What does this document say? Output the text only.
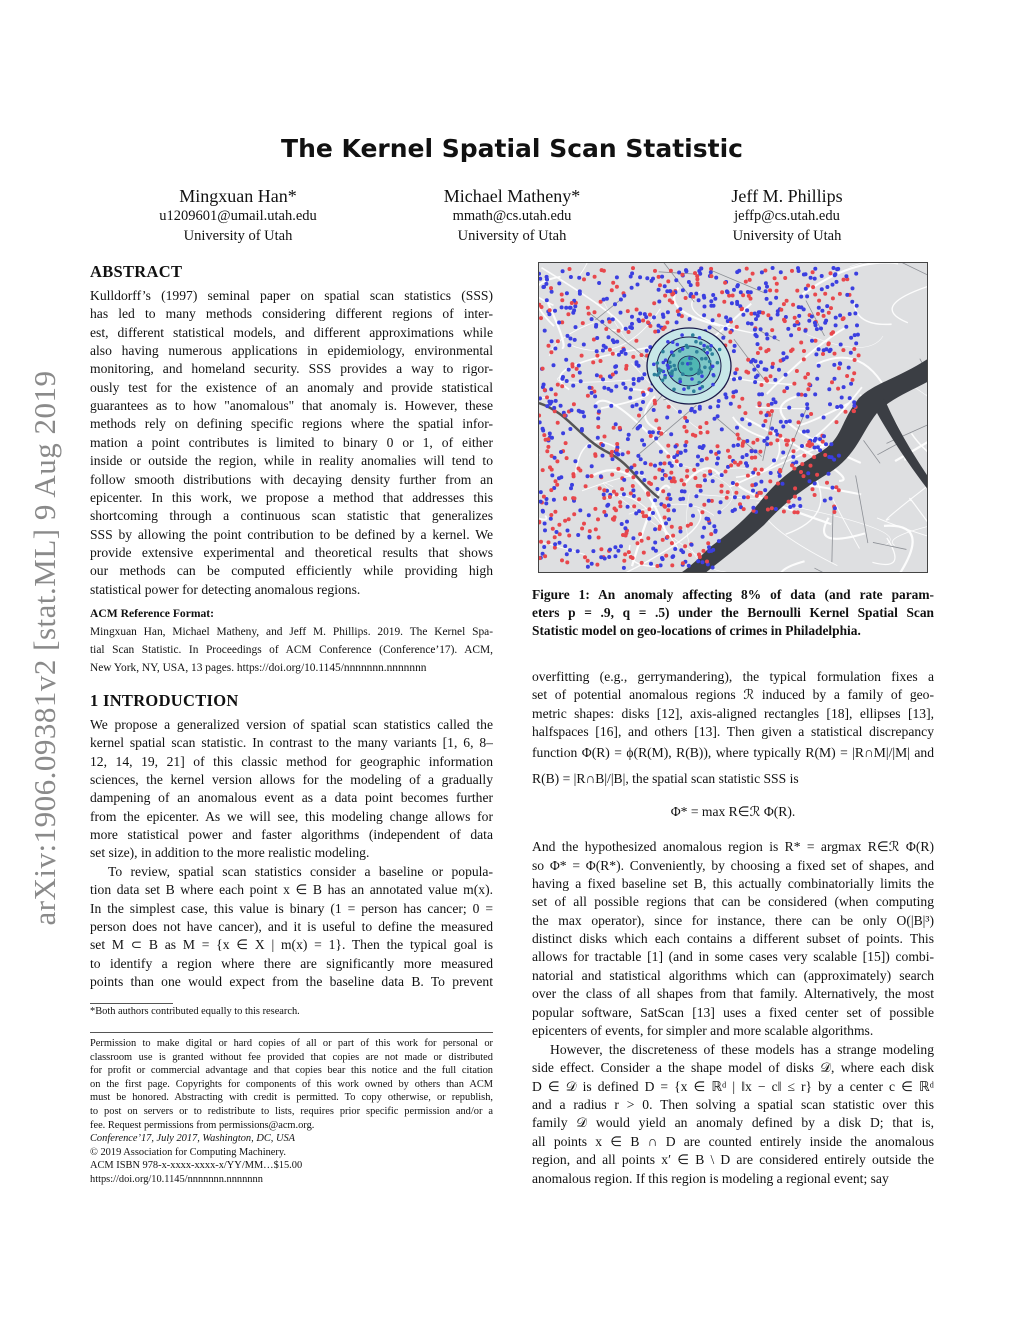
arXiv:1906.09381v2 [stat.ML] 9 Aug 2019
The Kernel Spatial Scan Statistic
Mingxuan Han*
u1209601@umail.utah.edu
University of Utah
Michael Matheny*
mmath@cs.utah.edu
University of Utah
Jeff M. Phillips
jeffp@cs.utah.edu
University of Utah
ABSTRACT
Kulldorff’s (1997) seminal paper on spatial scan statistics (SSS)
has led to many methods considering different regions of inter-
est, different statistical models, and different approximations while
also having numerous applications in epidemiology, environmental
monitoring, and homeland security. SSS provides a way to rigor-
ously test for the existence of an anomaly and provide statistical
guarantees as to how "anomalous" that anomaly is. However, these
methods rely on defining specific regions where the spatial infor-
mation a point contributes is limited to binary 0 or 1, of either
inside or outside the region, while in reality anomalies will tend to
follow smooth distributions with decaying density further from an
epicenter. In this work, we propose a method that addresses this
shortcoming through a continuous scan statistic that generalizes
SSS by allowing the point contribution to be defined by a kernel. We
provide extensive experimental and theoretical results that shows
our methods can be computed efficiently while providing high
statistical power for detecting anomalous regions.
ACM Reference Format:
Mingxuan Han, Michael Matheny, and Jeff M. Phillips. 2019. The Kernel Spa-
tial Scan Statistic. In Proceedings of ACM Conference (Conference’17). ACM,
New York, NY, USA, 13 pages. https://doi.org/10.1145/nnnnnnn.nnnnnnn
1 INTRODUCTION
We propose a generalized version of spatial scan statistics called the
kernel spatial scan statistic. In contrast to the many variants [1, 6, 8–
12, 14, 19, 21] of this classic method for geographic information
sciences, the kernel version allows for the modeling of a gradually
dampening of an anomalous event as a data point becomes further
from the epicenter. As we will see, this modeling change allows for
more statistical power and faster algorithms (independent of data
set size), in addition to the more realistic modeling.
To review, spatial scan statistics consider a baseline or popula-
tion data set B where each point x ∈ B has an annotated value m(x).
In the simplest case, this value is binary (1 = person has cancer; 0 =
person does not have cancer), and it is useful to define the measured
set M ⊂ B as M = {x ∈ X | m(x) = 1}. Then the typical goal is
to identify a region where there are significantly more measured
points than one would expect from the baseline data B. To prevent
*Both authors contributed equally to this research.
Permission to make digital or hard copies of all or part of this work for personal or
classroom use is granted without fee provided that copies are not made or distributed
for profit or commercial advantage and that copies bear this notice and the full citation
on the first page. Copyrights for components of this work owned by others than ACM
must be honored. Abstracting with credit is permitted. To copy otherwise, or republish,
to post on servers or to redistribute to lists, requires prior specific permission and/or a
fee. Request permissions from permissions@acm.org.
Conference’17, July 2017, Washington, DC, USA
© 2019 Association for Computing Machinery.
ACM ISBN 978-x-xxxx-xxxx-x/YY/MM…$15.00
https://doi.org/10.1145/nnnnnnn.nnnnnnn
Figure 1: An anomaly affecting 8% of data (and rate param-
eters p = .9, q = .5) under the Bernoulli Kernel Spatial Scan
Statistic model on geo-locations of crimes in Philadelphia.
overfitting (e.g., gerrymandering), the typical formulation fixes a
set of potential anomalous regions ℛ induced by a family of geo-
metric shapes: disks [12], axis-aligned rectangles [18], ellipses [13],
halfspaces [16], and others [13]. Then given a statistical discrepancy
function Φ(R) = ϕ(R(M), R(B)), where typically R(M) = |R∩M|/|M| and
R(B) = |R∩B|/|B|, the spatial scan statistic SSS is
Φ* = max R∈ℛ Φ(R).
And the hypothesized anomalous region is R* = argmax R∈ℛ Φ(R)
so Φ* = Φ(R*). Conveniently, by choosing a fixed set of shapes, and
having a fixed baseline set B, this actually combinatorially limits the
set of all possible regions that can be considered (when computing
the max operator), since for instance, there can be only O(|B|³)
distinct disks which each contains a different subset of points. This
allows for tractable [1] (and in some cases very scalable [15]) combi-
natorial and statistical algorithms which can (approximately) search
over the class of all shapes from that family. Alternatively, the most
popular software, SatScan [13] uses a fixed center set of possible
epicenters of events, for simpler and more scalable algorithms.
However, the discreteness of these models has a strange modeling
side effect. Consider a the shape model of disks 𝒟, where each disk
D ∈ 𝒟 is defined D = {x ∈ ℝᵈ | ‖x − c‖ ≤ r} by a center c ∈ ℝᵈ
and a radius r > 0. Then solving a spatial scan statistic over this
family 𝒟 would yield an anomaly defined by a disk D; that is,
all points x ∈ B ∩ D are counted entirely inside the anomalous
region, and all points x′ ∈ B \ D are considered entirely outside the
anomalous region. If this region is modeling a regional event; say
